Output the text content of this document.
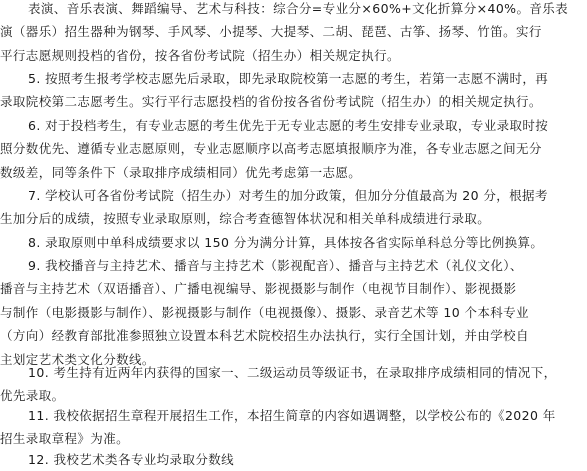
表演、音乐表演、舞蹈编导、艺术与科技：综合分=专业分×60%+文化折算分×40%。音乐表
演（器乐）招生器种为钢琴、手风琴、小提琴、大提琴、二胡、琵琶、古筝、扬琴、竹笛。实行
平行志愿规则投档的省份，按各省份考试院（招生办）相关规定执行。
5. 按照考生报考学校志愿先后录取，即先录取院校第一志愿的考生，若第一志愿不满时，再
录取院校第二志愿考生。实行平行志愿投档的省份按各省份考试院（招生办）的相关规定执行。
6. 对于投档考生，有专业志愿的考生优先于无专业志愿的考生安排专业录取，专业录取时按
照分数优先、遵循专业志愿原则，专业志愿顺序以高考志愿填报顺序为准，各专业志愿之间无分
数级差，同等条件下（录取排序成绩相同）优先考虑第一志愿。
7. 学校认可各省份考试院（招生办）对考生的加分政策，但加分分值最高为 20 分，根据考
生加分后的成绩，按照专业录取原则，综合考查德智体状况和相关单科成绩进行录取。
8. 录取原则中单科成绩要求以 150 分为满分计算，具体按各省实际单科总分等比例换算。
9. 我校播音与主持艺术、播音与主持艺术（影视配音）、播音与主持艺术（礼仪文化）、
播音与主持艺术（双语播音）、广播电视编导、影视摄影与制作（电视节目制作）、影视摄影
与制作（电影摄影与制作）、影视摄影与制作（电视摄像）、摄影、录音艺术等 10 个本科专业
（方向）经教育部批准参照独立设置本科艺术院校招生办法执行，实行全国计划，并由学校自
主划定艺术类文化分数线。
10. 考生持有近两年内获得的国家一、二级运动员等级证书，在录取排序成绩相同的情况下，
优先录取。
11. 我校依据招生章程开展招生工作，本招生简章的内容如遇调整，以学校公布的《2020 年
招生录取章程》为准。
12. 我校艺术类各专业均录取分数线
